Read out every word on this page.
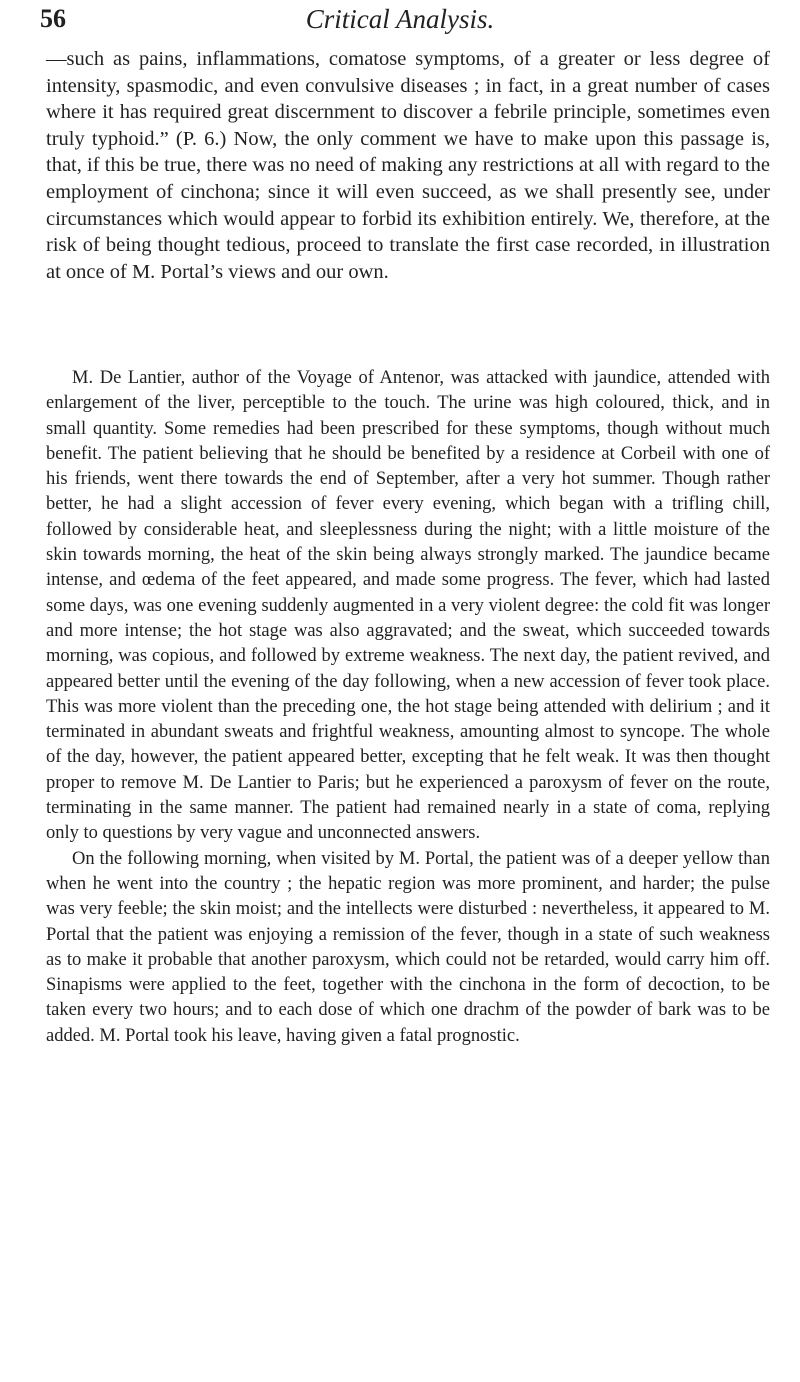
56	Critical Analysis.

—such as pains, inflammations, comatose symptoms, of a greater or less degree of intensity, spasmodic, and even convulsive diseases ; in fact, in a great number of cases where it has required great discernment to discover a febrile principle, sometimes even truly typhoid.” (P. 6.) Now, the only comment we have to make upon this passage is, that, if this be true, there was no need of making any restrictions at all with regard to the employment of cinchona; since it will even succeed, as we shall presently see, under circumstances which would appear to forbid its exhibition entirely. We, therefore, at the risk of being thought tedious, proceed to translate the first case recorded, in illustration at once of M. Portal’s views and our own.

M. De Lantier, author of the Voyage of Antenor, was attacked with jaundice, attended with enlargement of the liver, perceptible to the touch. The urine was high coloured, thick, and in small quantity. Some remedies had been prescribed for these symptoms, though without much benefit. The patient believing that he should be benefited by a residence at Corbeil with one of his friends, went there towards the end of September, after a very hot summer. Though rather better, he had a slight accession of fever every evening, which began with a trifling chill, followed by considerable heat, and sleeplessness during the night; with a little moisture of the skin towards morning, the heat of the skin being always strongly marked. The jaundice became intense, and œdema of the feet appeared, and made some progress. The fever, which had lasted some days, was one evening suddenly augmented in a very violent degree: the cold fit was longer and more intense; the hot stage was also aggravated; and the sweat, which succeeded towards morning, was copious, and followed by extreme weakness. The next day, the patient revived, and appeared better until the evening of the day following, when a new accession of fever took place. This was more violent than the preceding one, the hot stage being attended with delirium ; and it terminated in abundant sweats and frightful weakness, amounting almost to syncope. The whole of the day, however, the patient appeared better, excepting that he felt weak. It was then thought proper to remove M. De Lantier to Paris; but he experienced a paroxysm of fever on the route, terminating in the same manner. The patient had remained nearly in a state of coma, replying only to questions by very vague and unconnected answers.

On the following morning, when visited by M. Portal, the patient was of a deeper yellow than when he went into the country ; the hepatic region was more prominent, and harder; the pulse was very feeble; the skin moist; and the intellects were disturbed : nevertheless, it appeared to M. Portal that the patient was enjoying a remission of the fever, though in a state of such weakness as to make it probable that another paroxysm, which could not be retarded, would carry him off. Sinapisms were applied to the feet, together with the cinchona in the form of decoction, to be taken every two hours; and to each dose of which one drachm of the powder of bark was to be added. M. Portal took his leave, having given a fatal prognostic.
